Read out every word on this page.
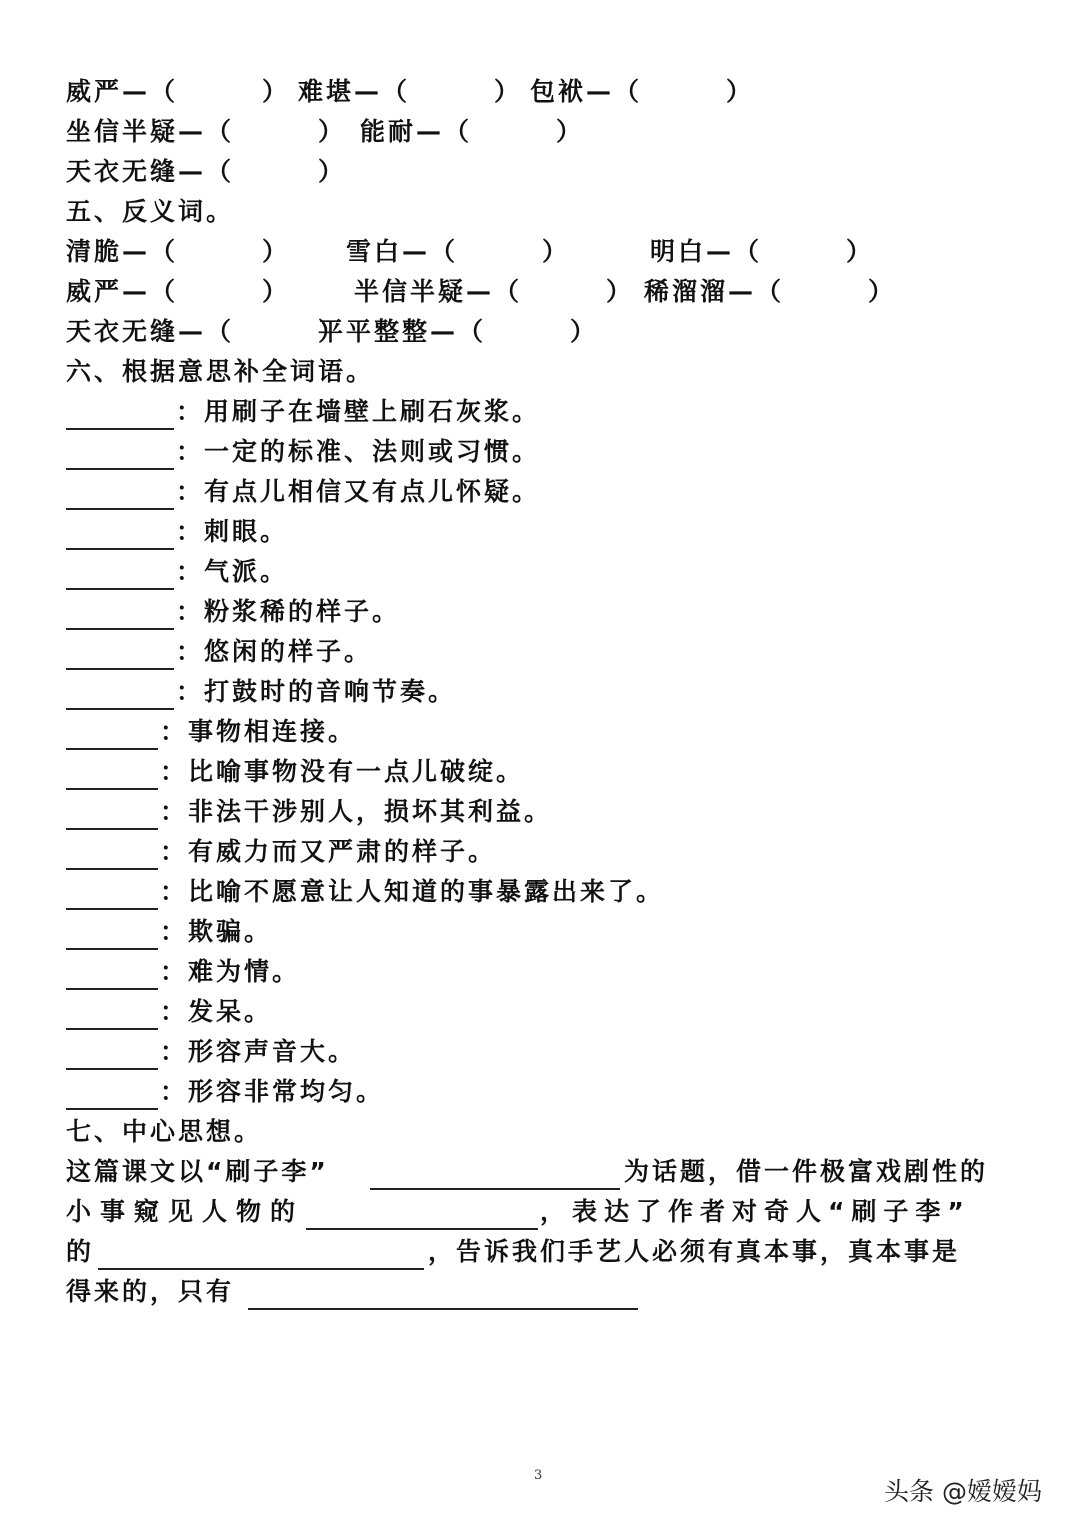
威严—（　　　） 难堪—（　　　） 包袱—（　　　）
坐信半疑—（　　　） 能耐—（　　　）
天衣无缝—（　　　）
五、反义词。
清脆—（　　　） 雪白—（　　　）	明白—（　　　）
威严—（　　　）	半信半疑—（　　　） 稀溜溜—（　　　）
天衣无缝—（　　　）
平平整整—（　　　）
六、根据意思补全词语。
：用刷子在墙壁上刷石灰浆。
：一定的标准、法则或习惯。
：有点儿相信又有点儿怀疑。
：刺眼。
：气派。
：粉浆稀的样子。
：悠闲的样子。
：打鼓时的音响节奏。
：事物相连接。
：比喻事物没有一点儿破绽。
：非法干涉别人，损坏其利益。
：有威力而又严肃的样子。
：比喻不愿意让人知道的事暴露出来了。
：欺骗。
：难为情。
：发呆。
：形容声音大。
：形容非常均匀。
七、中心思想。
这篇课文以“刷子李”	为话题，借一件极富戏剧性的
小事窥见人物的	，表达了作者对奇人“刷子李”
的	，告诉我们手艺人必须有真本事，真本事是
得来的，只有
3
头条 @嫒嫒妈
